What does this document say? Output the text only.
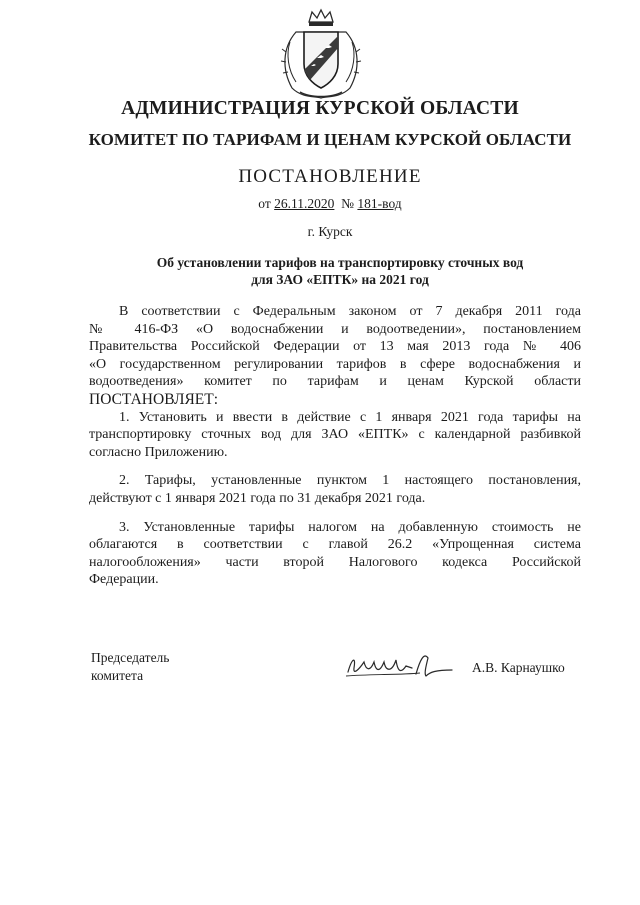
АДМИНИСТРАЦИЯ КУРСКОЙ ОБЛАСТИ
КОМИТЕТ ПО ТАРИФАМ И ЦЕНАМ КУРСКОЙ ОБЛАСТИ
ПОСТАНОВЛЕНИЕ
от 26.11.2020 № 181-вод
г. Курск
Об установлении тарифов на транспортировку сточных вод
для ЗАО «ЕПТК» на 2021 год
В соответствии с Федеральным законом от 7 декабря 2011 года
№ 416-ФЗ «О водоснабжении и водоотведении», постановлением
Правительства Российской Федерации от 13 мая 2013 года № 406
«О государственном регулировании тарифов в сфере водоснабжения и
водоотведения» комитет по тарифам и ценам Курской области
ПОСТАНОВЛЯЕТ:
1. Установить и ввести в действие с 1 января 2021 года тарифы на
транспортировку сточных вод для ЗАО «ЕПТК» с календарной разбивкой
согласно Приложению.
2. Тарифы, установленные пунктом 1 настоящего постановления,
действуют с 1 января 2021 года по 31 декабря 2021 года.
3. Установленные тарифы налогом на добавленную стоимость не
облагаются в соответствии с главой 26.2 «Упрощенная система
налогообложения» части второй Налогового кодекса Российской
Федерации.
Председатель
комитета
А.В. Карнаушко
